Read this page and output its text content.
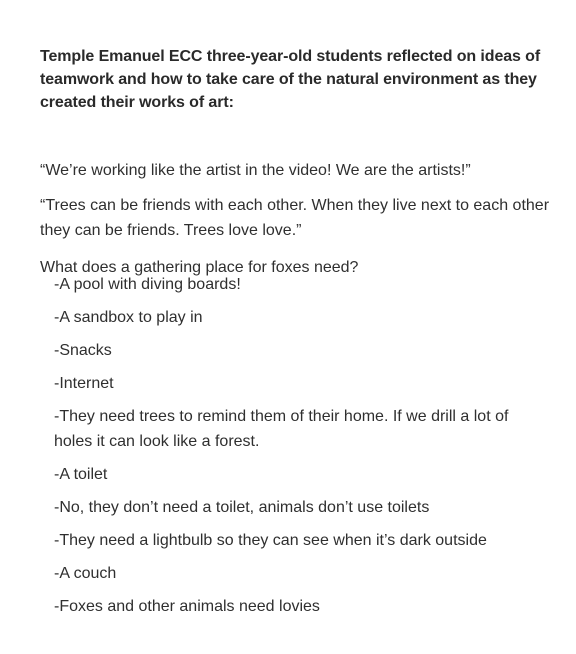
Temple Emanuel ECC three-year-old students reflected on ideas of teamwork and how to take care of the natural environment as they created their works of art:

“We’re working like the artist in the video! We are the artists!”

“Trees can be friends with each other. When they live next to each other they can be friends. Trees love love.”

What does a gathering place for foxes need?

-A pool with diving boards!
-A sandbox to play in
-Snacks
-Internet
-They need trees to remind them of their home. If we drill a lot of holes it can look like a forest.
-A toilet
-No, they don’t need a toilet, animals don’t use toilets
-They need a lightbulb so they can see when it’s dark outside
-A couch
-Foxes and other animals need lovies
